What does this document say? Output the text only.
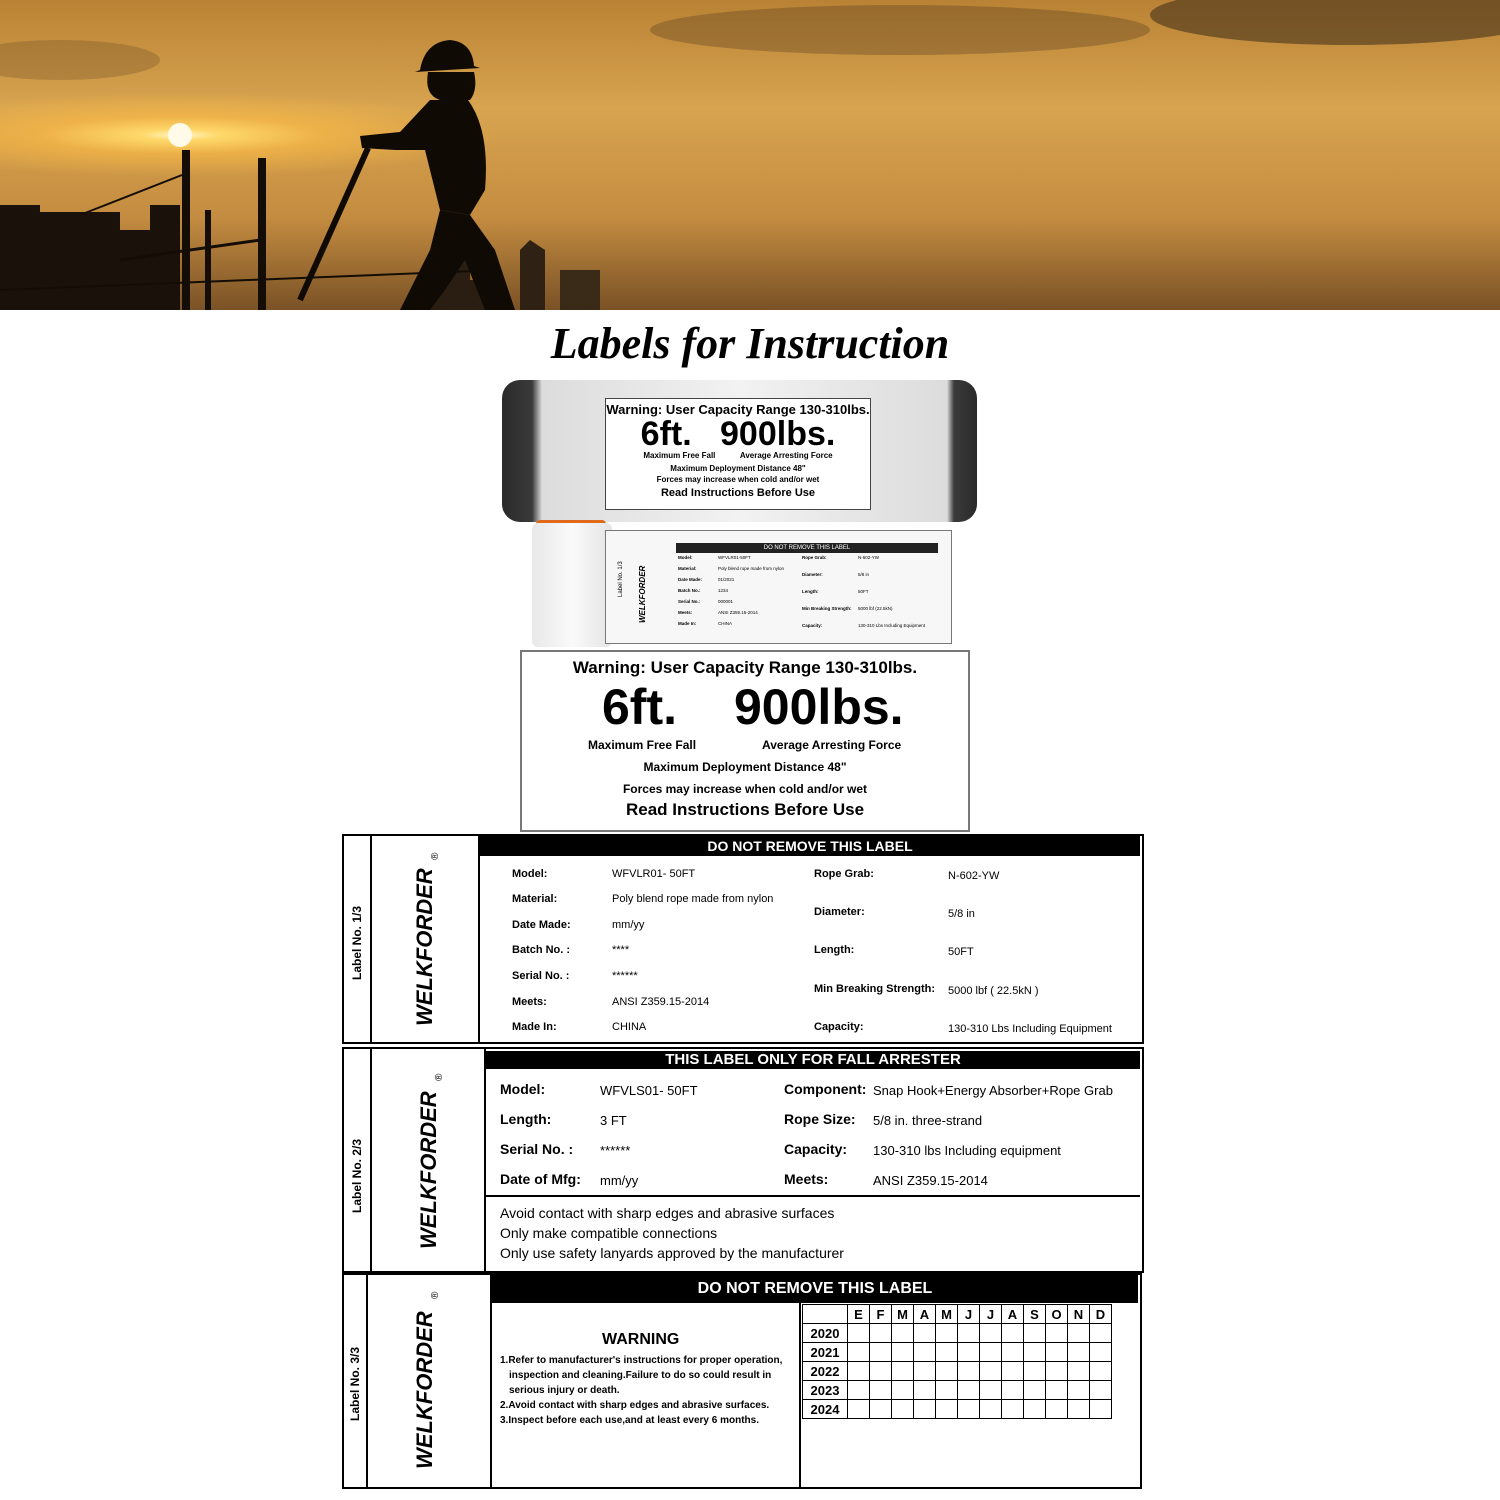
Labels for Instruction
Warning: User Capacity Range 130-310lbs.
6ft. 900lbs.
Maximum Free Fall	Average Arresting Force
Maximum Deployment Distance 48"
Forces may increase when cold and/or wet
Read Instructions Before Use
Label No. 1/3 WELKFORDER
DO NOT REMOVE THIS LABEL
Model:	WFVLR01-50FT
Material:	Poly blend rope made from nylon
Date Made:	01/2021
Batch No.:	1234
Serial No.:	000001
Meets:	ANSI Z359.15-2014
Made In:	CHINA
Rope Grab:	N-602-YW
Diameter:	5/8 in
Length:	50FT
Min Breaking Strength: 5000 lbf (22.5kN)
Capacity:	130-310 Lbs Including Equipment
Warning: User Capacity Range 130-310lbs.
6ft. 900lbs.
Maximum Free Fall	Average Arresting Force
Maximum Deployment Distance 48"
Forces may increase when cold and/or wet
Read Instructions Before Use
Label No. 1/3 WELKFORDER
®
DO NOT REMOVE THIS LABEL
Model:	WFVLR01- 50FT
Material:	Poly blend rope made from nylon
Date Made:	mm/yy
Batch No. :	****
Serial No. :	******
Meets:	ANSI Z359.15-2014
Made In:	CHINA
Rope Grab:	N-602-YW
Diameter:	5/8 in
Length:	50FT
Min Breaking Strength: 5000 lbf ( 22.5kN )
Capacity:	130-310 Lbs Including Equipment
Label No. 2/3 WELKFORDER
®
THIS LABEL ONLY FOR FALL ARRESTER
Model:	WFVLS01- 50FT
Length:	3 FT
Serial No. : ******
Date of Mfg: mm/yy
Component: Snap Hook+Energy Absorber+Rope Grab
Rope Size: 5/8 in. three-strand
Capacity: 130-310 lbs Including equipment
Meets:	ANSI Z359.15-2014
Avoid contact with sharp edges and abrasive surfaces
Only make compatible connections
Only use safety lanyards approved by the manufacturer
Label No. 3/3 WELKFORDER
®	DO NOT REMOVE THIS LABEL
WARNING
1.Refer to manufacturer's instructions for proper operation,
inspection and cleaning.Failure to do so could result in
serious injury or death.
2.Avoid contact with sharp edges and abrasive surfaces.
3.Inspect before each use,and at least every 6 months.
	E	F	M	A	M	J	J	A	S	O	N	D
2020												
2021												
2022												
2023												
2024												
